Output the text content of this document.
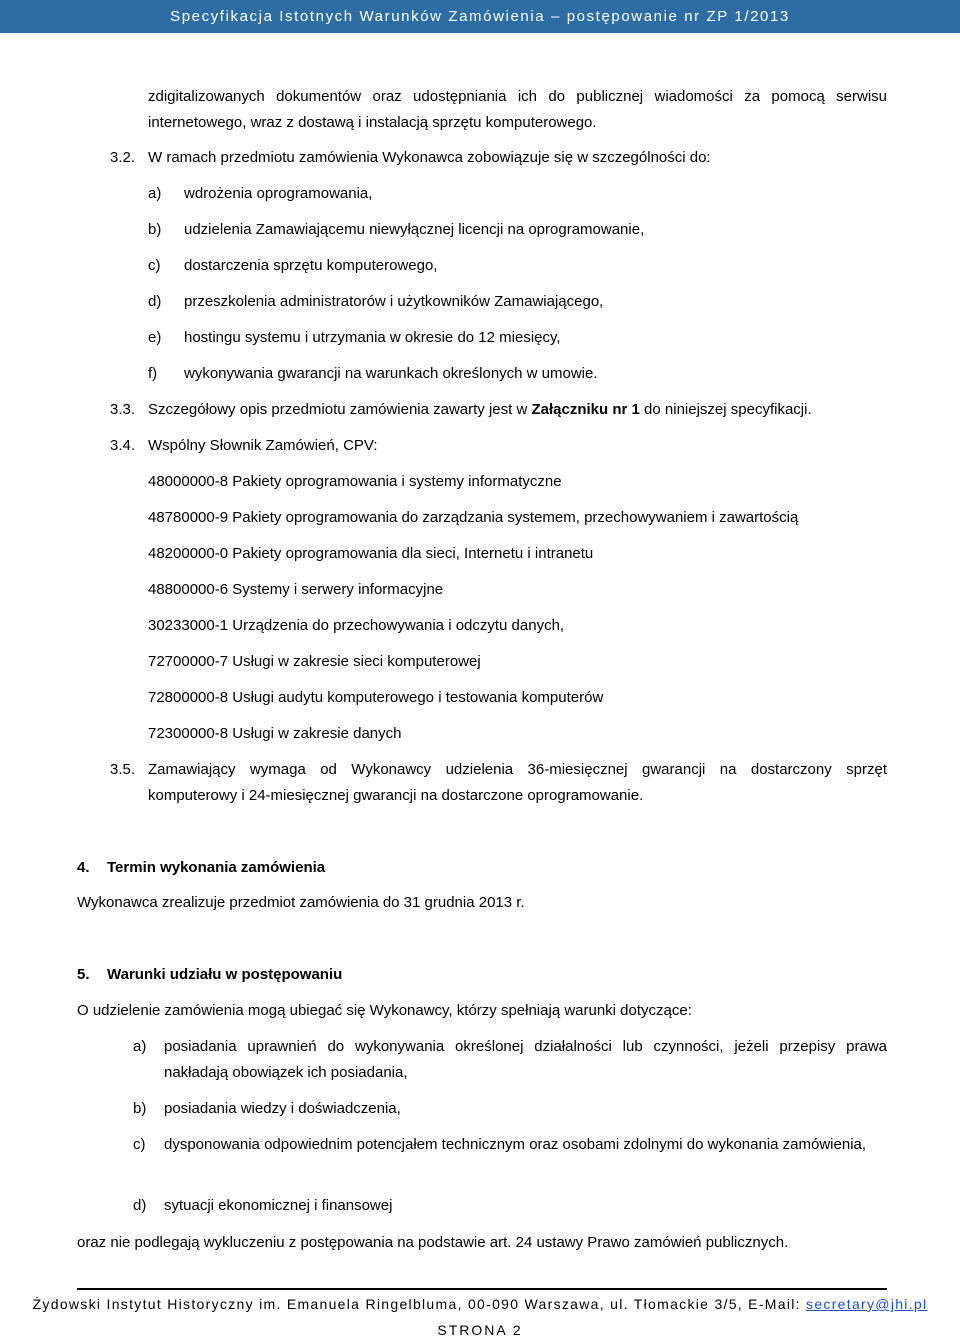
Specyfikacja Istotnych Warunków Zamówienia – postępowanie nr ZP 1/2013
zdigitalizowanych dokumentów oraz udostępniania ich do publicznej wiadomości za pomocą serwisu internetowego, wraz z dostawą i instalacją sprzętu komputerowego.
3.2. W ramach przedmiotu zamówienia Wykonawca zobowiązuje się w szczególności do:
a)	wdrożenia oprogramowania,
b)	udzielenia Zamawiającemu niewyłącznej licencji na oprogramowanie,
c)	dostarczenia sprzętu komputerowego,
d)	przeszkolenia administratorów i użytkowników Zamawiającego,
e)	hostingu systemu i utrzymania w okresie do 12 miesięcy,
f)	wykonywania gwarancji na warunkach określonych w umowie.
3.3. Szczegółowy opis przedmiotu zamówienia zawarty jest w Załączniku nr 1 do niniejszej specyfikacji.
3.4. Wspólny Słownik Zamówień, CPV:
48000000-8 Pakiety oprogramowania i systemy informatyczne
48780000-9 Pakiety oprogramowania do zarządzania systemem, przechowywaniem i zawartością
48200000-0 Pakiety oprogramowania dla sieci, Internetu i intranetu
48800000-6 Systemy i serwery informacyjne
30233000-1 Urządzenia do przechowywania i odczytu danych,
72700000-7 Usługi w zakresie sieci komputerowej
72800000-8 Usługi audytu komputerowego i testowania komputerów
72300000-8 Usługi w zakresie danych
3.5. Zamawiający wymaga od Wykonawcy udzielenia 36-miesięcznej gwarancji na dostarczony sprzęt komputerowy i 24-miesięcznej gwarancji na dostarczone oprogramowanie.
4. Termin wykonania zamówienia
Wykonawca zrealizuje przedmiot zamówienia do 31 grudnia 2013 r.
5. Warunki udziału w postępowaniu
O udzielenie zamówienia mogą ubiegać się Wykonawcy, którzy spełniają warunki dotyczące:
a)	posiadania uprawnień do wykonywania określonej działalności lub czynności, jeżeli przepisy prawa nakładają obowiązek ich posiadania,
b)	posiadania wiedzy i doświadczenia,
c)	dysponowania odpowiednim potencjałem technicznym oraz osobami zdolnymi do wykonania zamówienia,
d)	sytuacji ekonomicznej i finansowej
oraz nie podlegają wykluczeniu z postępowania na podstawie art. 24 ustawy Prawo zamówień publicznych.
Żydowski Instytut Historyczny im. Emanuela Ringelbluma, 00-090 Warszawa, ul. Tłomackie 3/5, E-Mail: secretary@jhi.pl
STRONA 2
